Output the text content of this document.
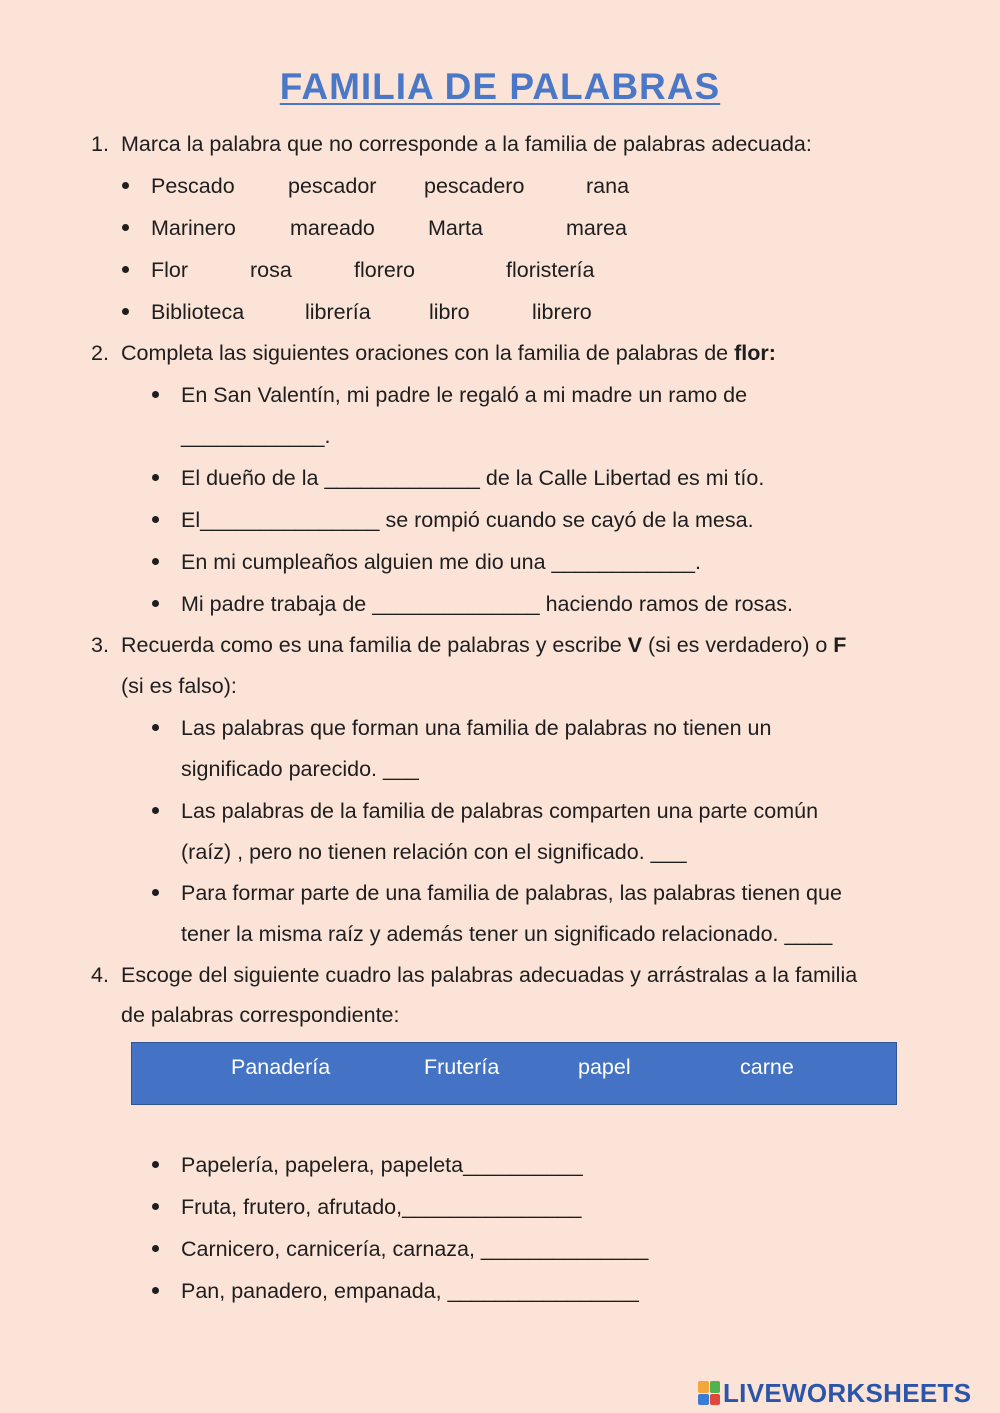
FAMILIA DE PALABRAS
1. Marca la palabra que no corresponde a la familia de palabras adecuada:
Pescado pescador pescadero	rana
Marinero	mareado Marta	marea
Flor	rosa	florero	floristería
Biblioteca	librería	libro	librero
2. Completa las siguientes oraciones con la familia de palabras de flor:
En San Valentín, mi padre le regaló a mi madre un ramo de
____________.
El dueño de la _____________ de la Calle Libertad es mi tío.
El_______________ se rompió cuando se cayó de la mesa.
En mi cumpleaños alguien me dio una ____________.
Mi padre trabaja de ______________ haciendo ramos de rosas.
3. Recuerda como es una familia de palabras y escribe V (si es verdadero) o F
(si es falso):
Las palabras que forman una familia de palabras no tienen un
significado parecido. ___
Las palabras de la familia de palabras comparten una parte común
(raíz) , pero no tienen relación con el significado. ___
Para formar parte de una familia de palabras, las palabras tienen que
tener la misma raíz y además tener un significado relacionado. ____
4. Escoge del siguiente cuadro las palabras adecuadas y arrástralas a la familia
de palabras correspondiente:
Panadería	Frutería	papel	carne
Papelería, papelera, papeleta__________
Fruta, frutero, afrutado,_______________
Carnicero, carnicería, carnaza, ______________
Pan, panadero, empanada, ________________
LIVEWORKSHEETS
